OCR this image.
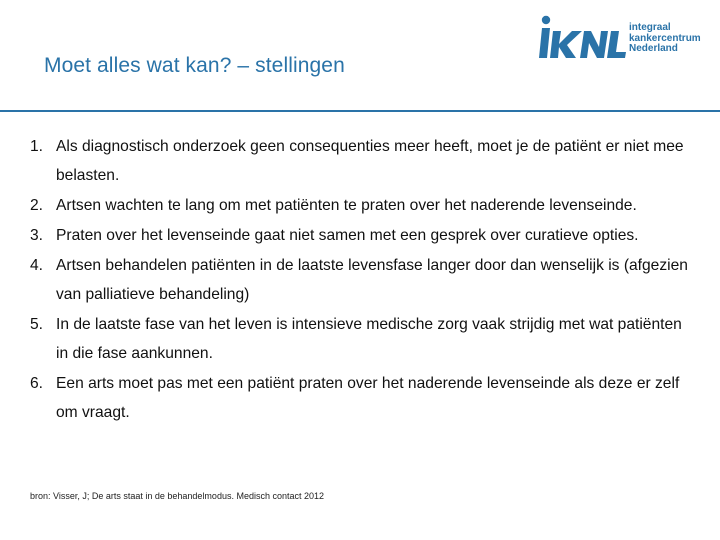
Moet alles wat kan? – stellingen
integraal
kankercentrum
Nederland
1. Als diagnostisch onderzoek geen consequenties meer heeft, moet je de patiënt er niet mee belasten.
2. Artsen wachten te lang om met patiënten te praten over het naderende levenseinde.
3. Praten over het levenseinde gaat niet samen met een gesprek over curatieve opties.
4. Artsen behandelen patiënten in de laatste levensfase langer door dan wenselijk is (afgezien van palliatieve behandeling)
5. In de laatste fase van het leven is intensieve medische zorg vaak strijdig met wat patiënten in die fase aankunnen.
6. Een arts moet pas met een patiënt praten over het naderende levenseinde als deze er zelf om vraagt.
bron: Visser, J; De arts staat in de behandelmodus. Medisch contact 2012
